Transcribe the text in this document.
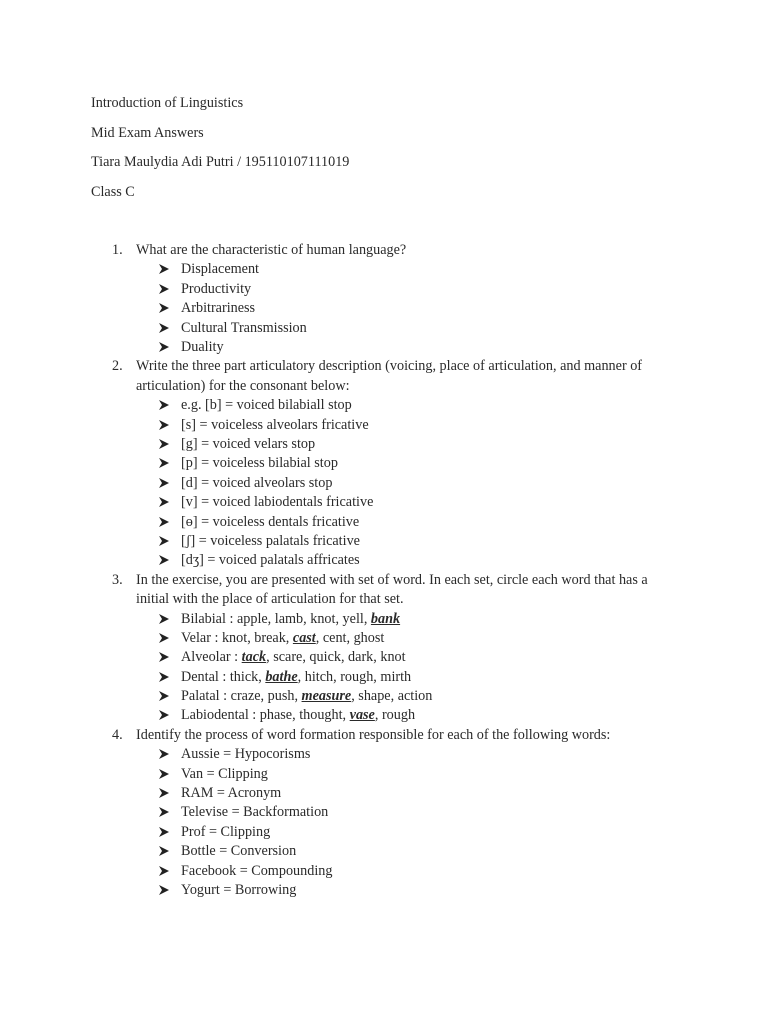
Introduction of Linguistics
Mid Exam Answers
Tiara Maulydia Adi Putri / 195110107111019
Class C
1. What are the characteristic of human language?
Displacement
Productivity
Arbitrariness
Cultural Transmission
Duality
2. Write the three part articulatory description (voicing, place of articulation, and manner of articulation) for the consonant below:
e.g. [b] = voiced bilabiall stop
[s] = voiceless alveolars fricative
[g] = voiced velars stop
[p] = voiceless bilabial stop
[d] = voiced alveolars stop
[v] = voiced labiodentals fricative
[ɵ] = voiceless dentals fricative
[ʃ] = voiceless palatals fricative
[dʒ] = voiced palatals affricates
3. In the exercise, you are presented with set of word. In each set, circle each word that has a initial with the place of articulation for that set.
Bilabial : apple, lamb, knot, yell, bank
Velar : knot, break, cast, cent, ghost
Alveolar : tack, scare, quick, dark, knot
Dental : thick, bathe, hitch, rough, mirth
Palatal : craze, push, measure, shape, action
Labiodental : phase, thought, vase, rough
4. Identify the process of word formation responsible for each of the following words:
Aussie = Hypocorisms
Van = Clipping
RAM = Acronym
Televise = Backformation
Prof = Clipping
Bottle = Conversion
Facebook = Compounding
Yogurt = Borrowing
